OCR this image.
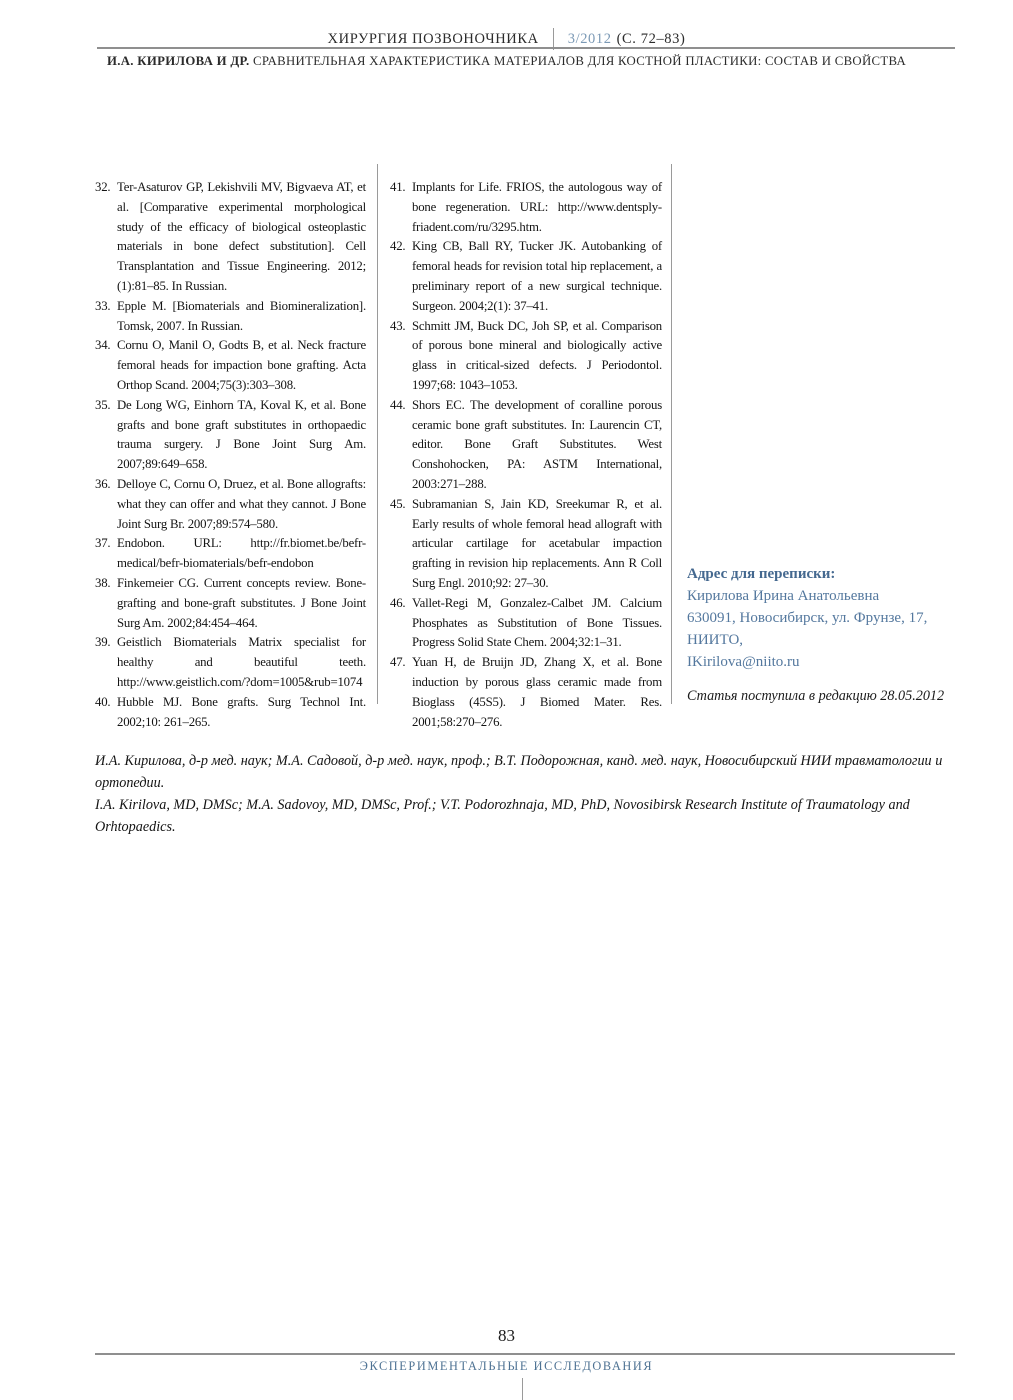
ХИРУРГИЯ ПОЗВОНОЧНИКА 3/2012 (С. 72–83)
И.А. КИРИЛОВА И ДР. СРАВНИТЕЛЬНАЯ ХАРАКТЕРИСТИКА МАТЕРИАЛОВ ДЛЯ КОСТНОЙ ПЛАСТИКИ: СОСТАВ И СВОЙСТВА
32. Ter-Asaturov GP, Lekishvili MV, Bigvaeva AT, et al. [Comparative experimental morphological study of the efficacy of biological osteoplastic materials in bone defect substitution]. Cell Transplantation and Tissue Engineering. 2012;(1):81–85. In Russian.
33. Epple M. [Biomaterials and Biomineralization]. Tomsk, 2007. In Russian.
34. Cornu O, Manil O, Godts B, et al. Neck fracture femoral heads for impaction bone grafting. Acta Orthop Scand. 2004;75(3):303–308.
35. De Long WG, Einhorn TA, Koval K, et al. Bone grafts and bone graft substitutes in orthopaedic trauma surgery. J Bone Joint Surg Am. 2007;89:649–658.
36. Delloye C, Cornu O, Druez, et al. Bone allografts: what they can offer and what they cannot. J Bone Joint Surg Br. 2007;89:574–580.
37. Endobon. URL: http://fr.biomet.be/befr-medical/befr-biomaterials/befr-endobon
38. Finkemeier CG. Current concepts review. Bone-grafting and bone-graft substitutes. J Bone Joint Surg Am. 2002;84:454–464.
39. Geistlich Biomaterials Matrix specialist for healthy and beautiful teeth. http://www.geistlich.com/?dom=1005&rub=1074
40. Hubble MJ. Bone grafts. Surg Technol Int. 2002;10: 261–265.
41. Implants for Life. FRIOS, the autologous way of bone regeneration. URL: http://www.dentsply-friadent.com/ru/3295.htm.
42. King CB, Ball RY, Tucker JK. Autobanking of femoral heads for revision total hip replacement, a preliminary report of a new surgical technique. Surgeon. 2004;2(1): 37–41.
43. Schmitt JM, Buck DC, Joh SP, et al. Comparison of porous bone mineral and biologically active glass in critical-sized defects. J Periodontol. 1997;68: 1043–1053.
44. Shors EC. The development of coralline porous ceramic bone graft substitutes. In: Laurencin CT, editor. Bone Graft Substitutes. West Conshohocken, PA: ASTM International, 2003:271–288.
45. Subramanian S, Jain KD, Sreekumar R, et al. Early results of whole femoral head allograft with articular cartilage for acetabular impaction grafting in revision hip replacements. Ann R Coll Surg Engl. 2010;92: 27–30.
46. Vallet-Regi M, Gonzalez-Calbet JM. Calcium Phosphates as Substitution of Bone Tissues. Progress Solid State Chem. 2004;32:1–31.
47. Yuan H, de Bruijn JD, Zhang X, et al. Bone induction by porous glass ceramic made from Bioglass (45S5). J Biomed Mater. Res. 2001;58:270–276.
Адрес для переписки:
Кирилова Ирина Анатольевна
630091, Новосибирск, ул. Фрунзе, 17,
НИИТО,
IKirilova@niito.ru
Статья поступила в редакцию 28.05.2012
И.А. Кирилова, д-р мед. наук; М.А. Садовой, д-р мед. наук, проф.; В.Т. Подорожная, канд. мед. наук, Новосибирский НИИ травматологии и ортопедии.
I.A. Kirilova, MD, DMSc; M.A. Sadovoy, MD, DMSc, Prof.; V.T. Podorozhnaja, MD, PhD, Novosibirsk Research Institute of Traumatology and Orhtopaedics.
83
ЭКСПЕРИМЕНТАЛЬНЫЕ ИССЛЕДОВАНИЯ
